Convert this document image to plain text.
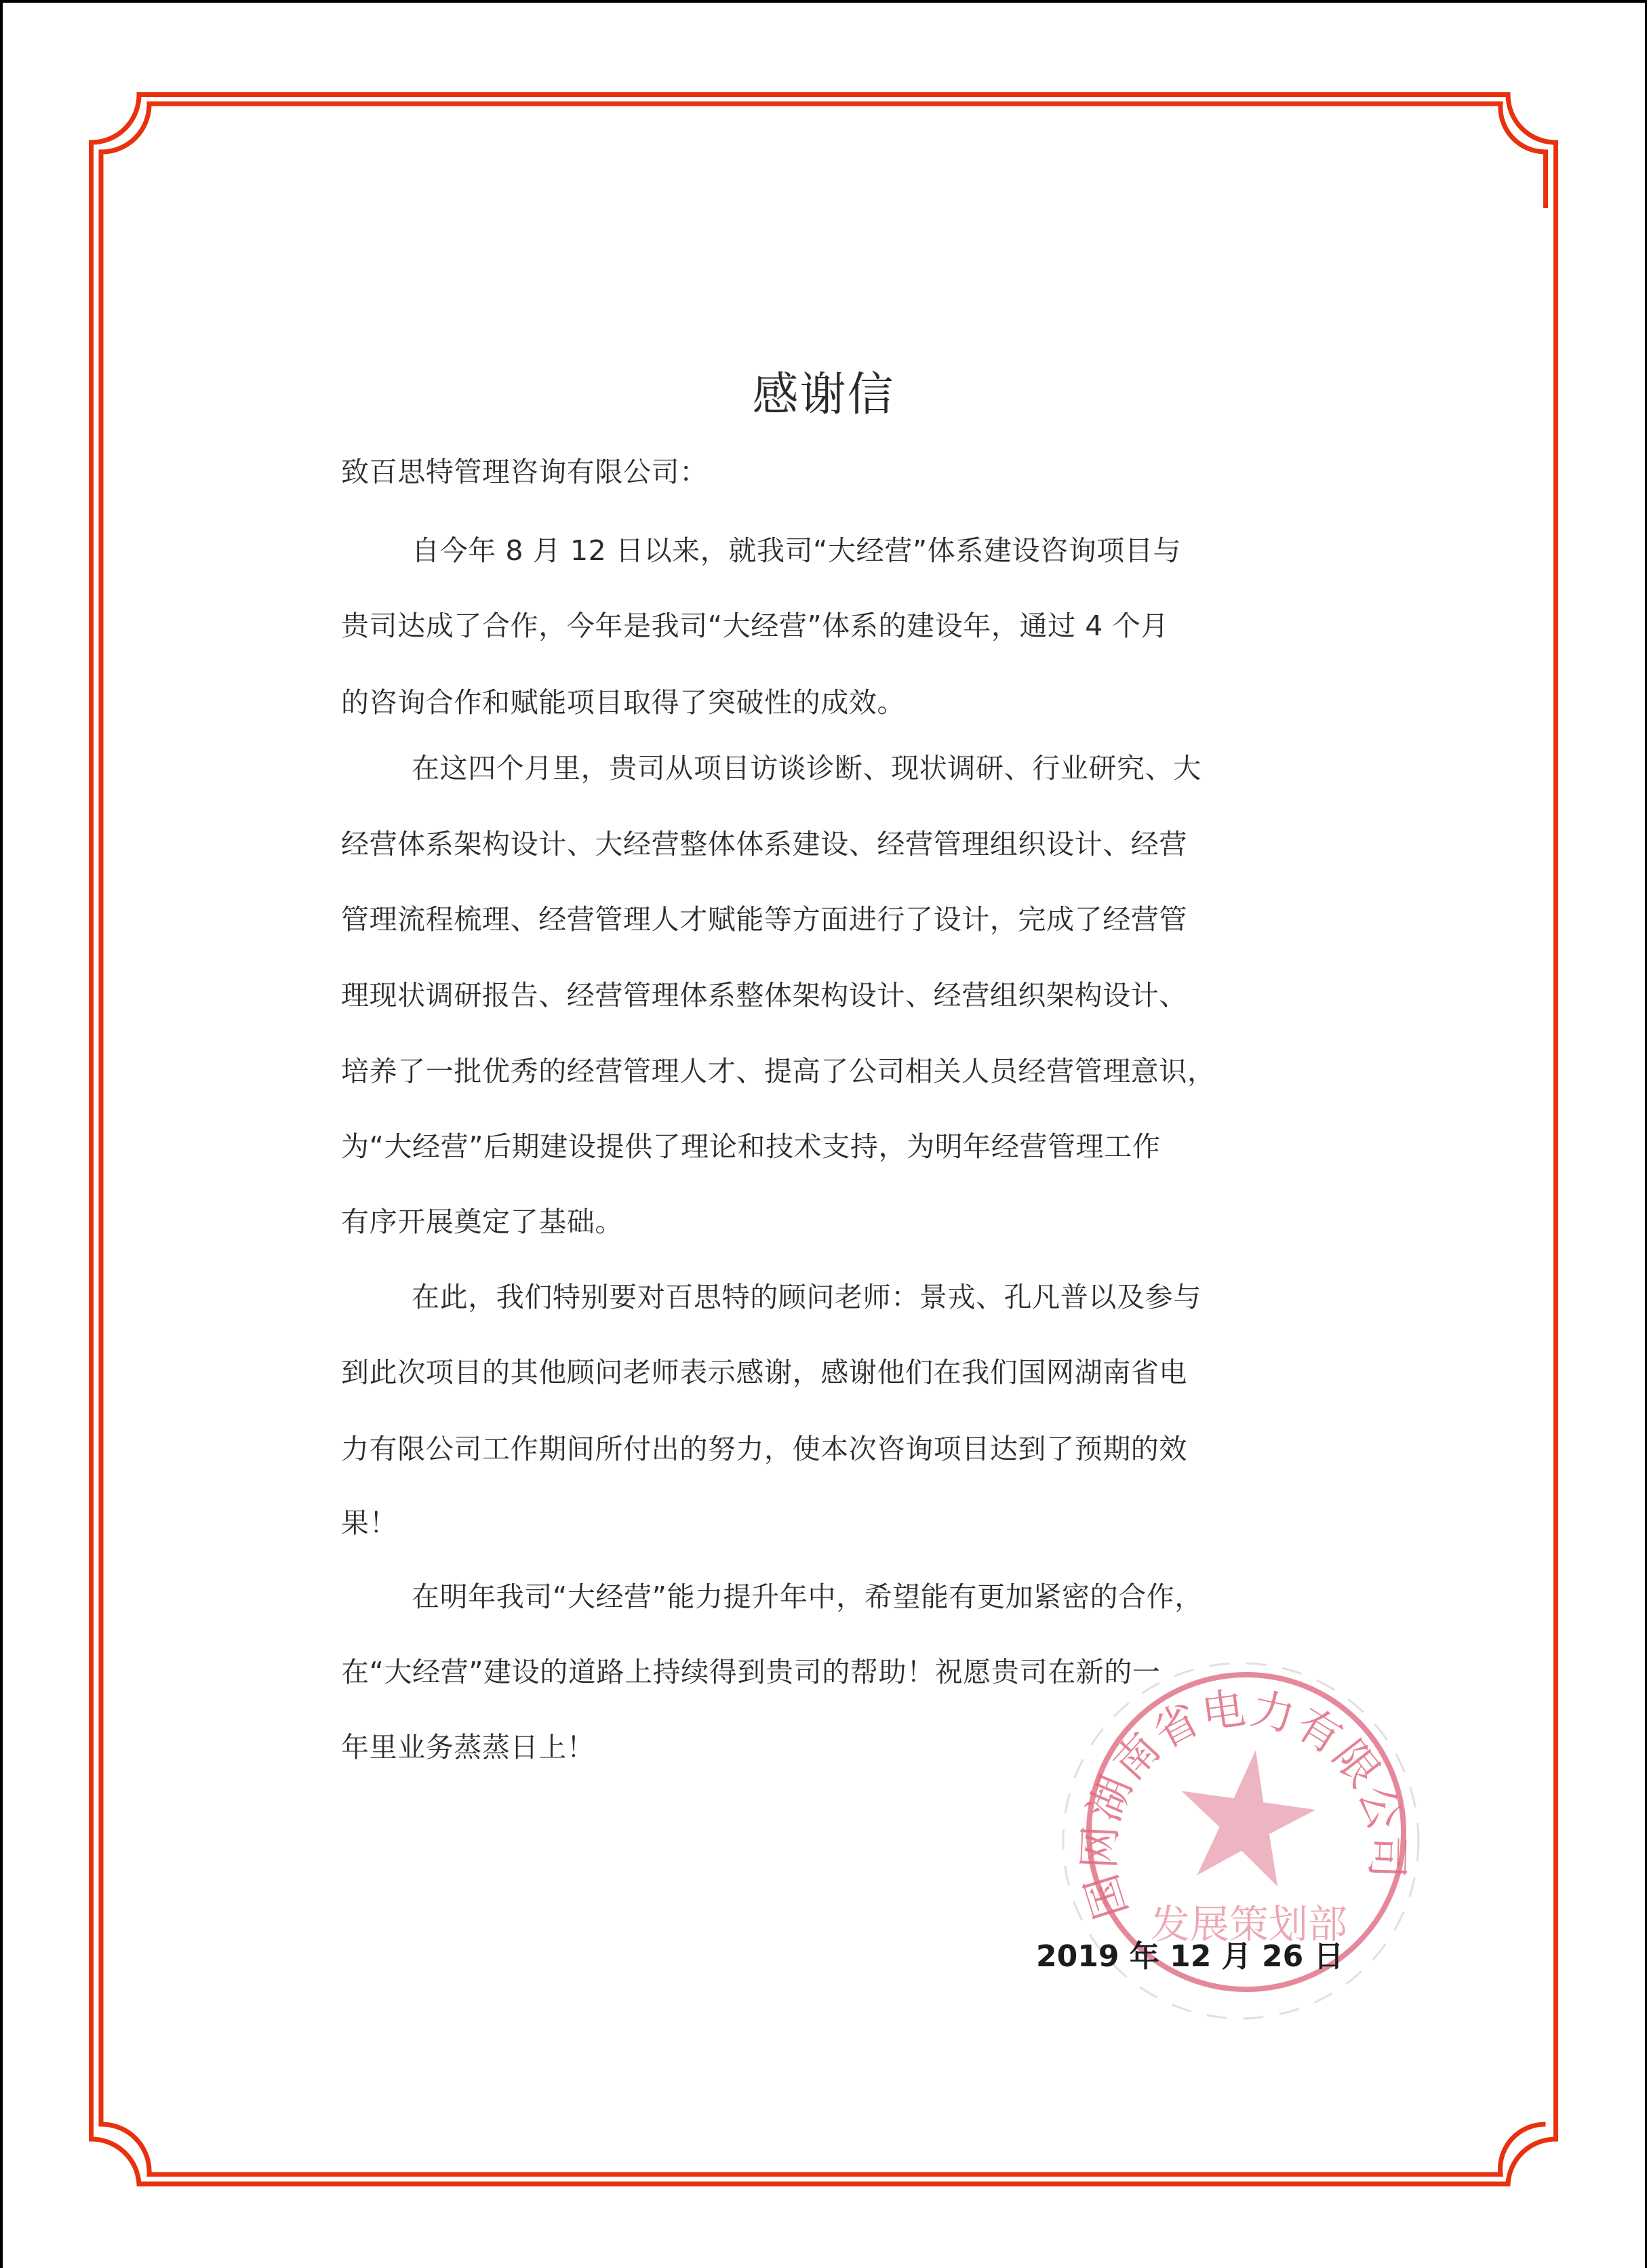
感谢信
致百思特管理咨询有限公司：
自今年 8 月 12 日以来，就我司“大经营”体系建设咨询项目与
贵司达成了合作，今年是我司“大经营”体系的建设年，通过 4 个月
的咨询合作和赋能项目取得了突破性的成效。
在这四个月里，贵司从项目访谈诊断、现状调研、行业研究、大
经营体系架构设计、大经营整体体系建设、经营管理组织设计、经营
管理流程梳理、经营管理人才赋能等方面进行了设计，完成了经营管
理现状调研报告、经营管理体系整体架构设计、经营组织架构设计、
培养了一批优秀的经营管理人才、提高了公司相关人员经营管理意识，
为“大经营”后期建设提供了理论和技术支持，为明年经营管理工作
有序开展奠定了基础。
在此，我们特别要对百思特的顾问老师：景戎、孔凡普以及参与
到此次项目的其他顾问老师表示感谢，感谢他们在我们国网湖南省电
力有限公司工作期间所付出的努力，使本次咨询项目达到了预期的效
果！
在明年我司“大经营”能力提升年中，希望能有更加紧密的合作，
在“大经营”建设的道路上持续得到贵司的帮助！祝愿贵司在新的一
年里业务蒸蒸日上！
国网湖南省电力有限公司
发展策划部
2019 年 12 月 26 日
